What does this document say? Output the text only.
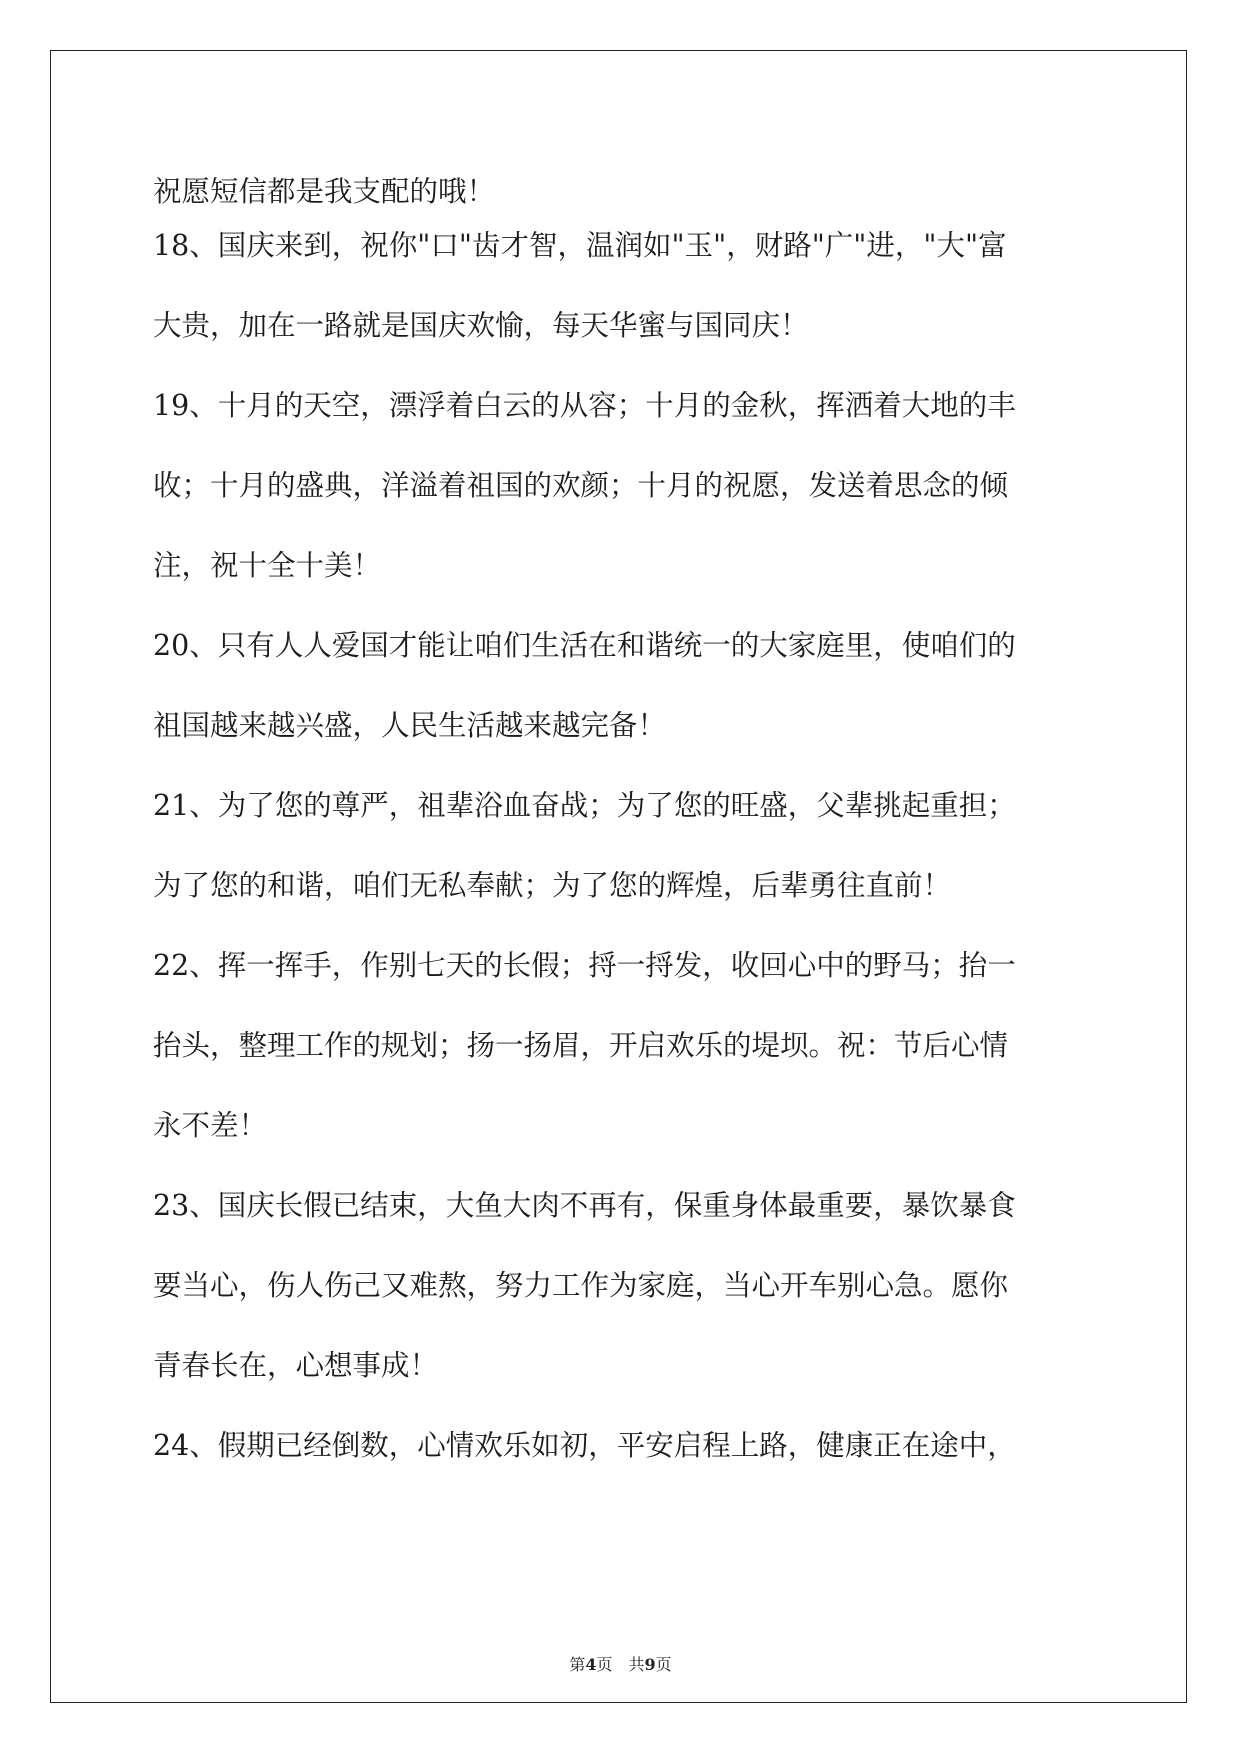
祝愿短信都是我支配的哦！
18、国庆来到，祝你"口"齿才智，温润如"玉"，财路"广"进，"大"富
大贵，加在一路就是国庆欢愉，每天华蜜与国同庆！
19、十月的天空，漂浮着白云的从容；十月的金秋，挥洒着大地的丰
收；十月的盛典，洋溢着祖国的欢颜；十月的祝愿，发送着思念的倾
注，祝十全十美！
20、只有人人爱国才能让咱们生活在和谐统一的大家庭里，使咱们的
祖国越来越兴盛，人民生活越来越完备！
21、为了您的尊严，祖辈浴血奋战；为了您的旺盛，父辈挑起重担；
为了您的和谐，咱们无私奉献；为了您的辉煌，后辈勇往直前！
22、挥一挥手，作别七天的长假；捋一捋发，收回心中的野马；抬一
抬头，整理工作的规划；扬一扬眉，开启欢乐的堤坝。祝：节后心情
永不差！
23、国庆长假已结束，大鱼大肉不再有，保重身体最重要，暴饮暴食
要当心，伤人伤己又难熬，努力工作为家庭，当心开车别心急。愿你
青春长在，心想事成！
24、假期已经倒数，心情欢乐如初，平安启程上路，健康正在途中，
第4页　共9页
